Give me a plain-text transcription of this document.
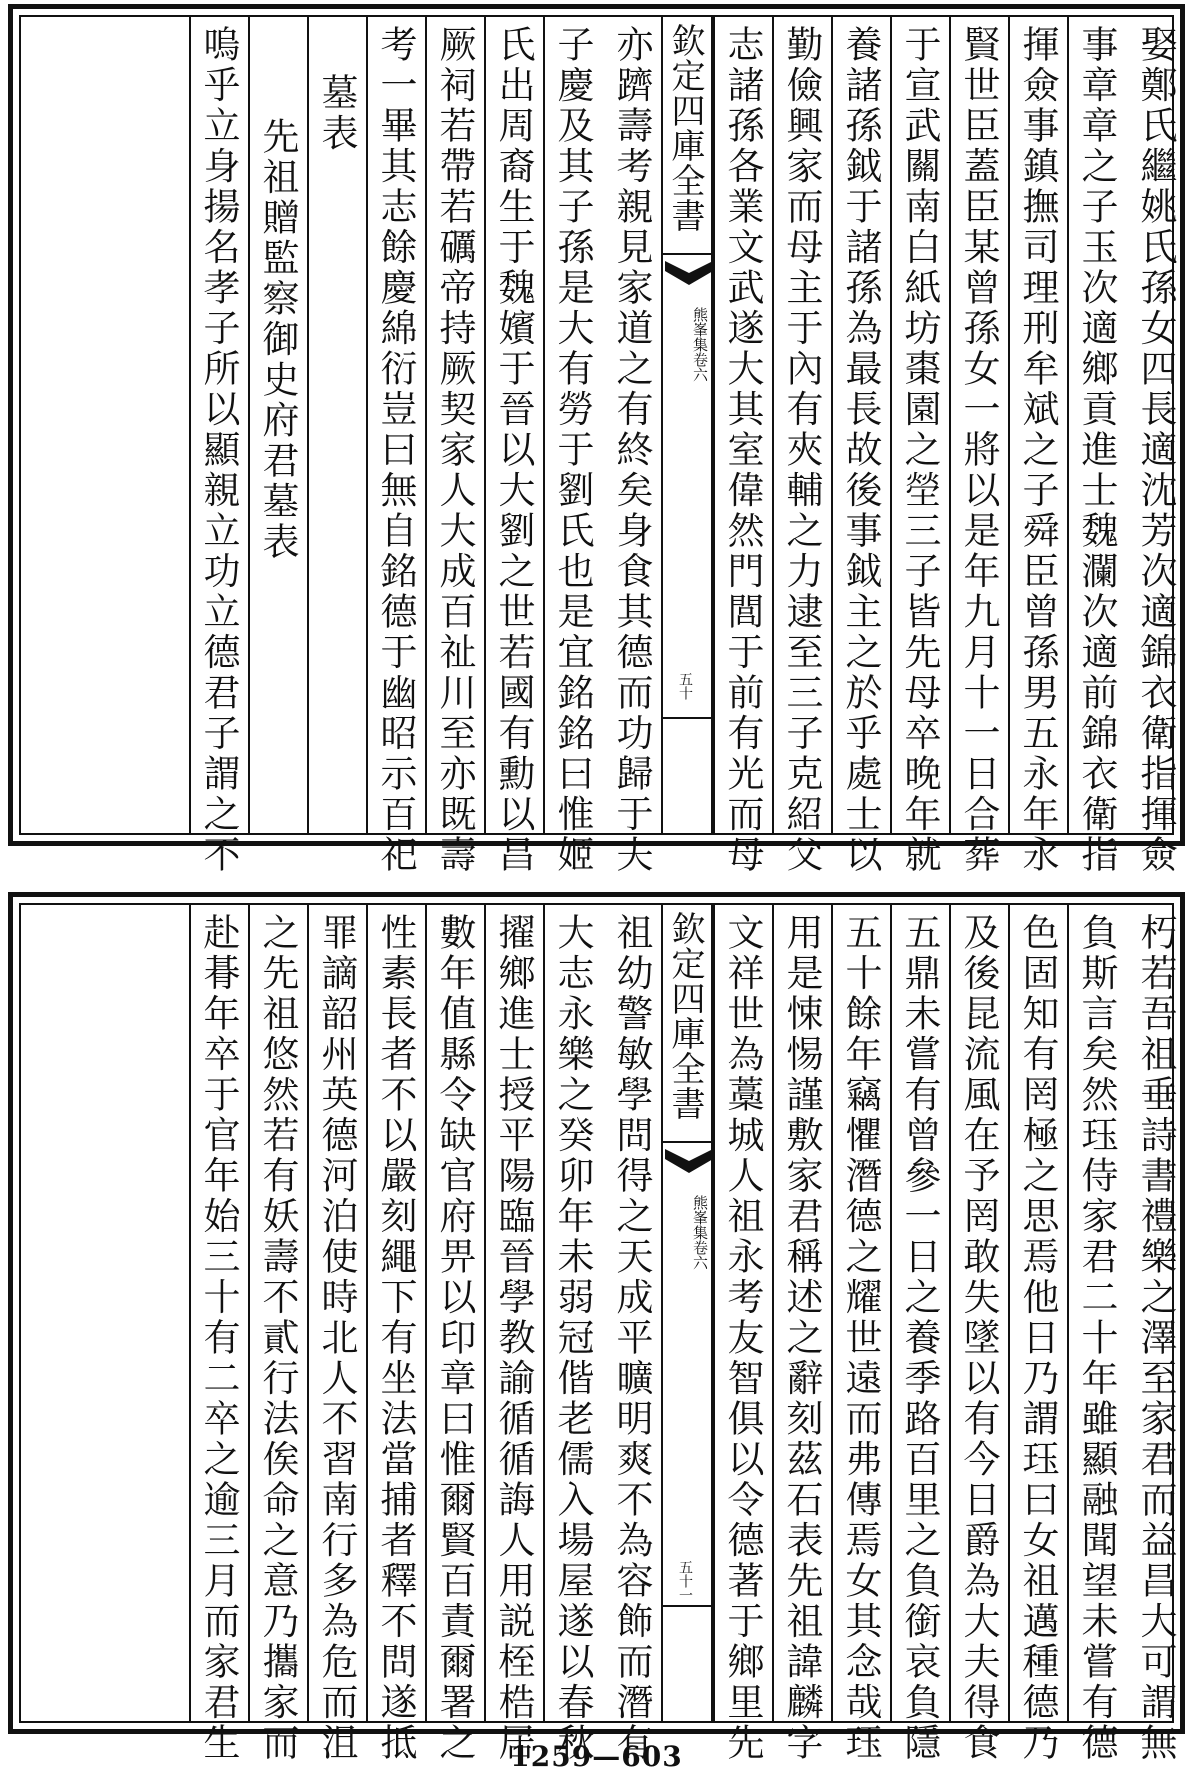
娶鄭氏繼姚氏孫女四長適沈芳次適錦衣衛指揮僉
事章章之子玉次適鄉貢進士魏瀾次適前錦衣衛指
揮僉事鎮撫司理刑牟斌之子舜臣曾孫男五永年永
賢世臣蓋臣某曾孫女一將以是年九月十一日合葬
于宣武關南白紙坊棗園之塋三子皆先母卒晚年就
養諸孫鉞于諸孫為最長故後事鉞主之於乎處士以
勤儉興家而母主于內有夾輔之力逮至三子克紹父
志諸孫各業文武遂大其室偉然門閭于前有光而母
欽定四庫全書
熊峯集卷六
五十
亦躋壽考親見家道之有終矣身食其德而功歸于夫
子慶及其子孫是大有勞于劉氏也是宜銘銘曰惟姬
氏出周裔生于魏嬪于晉以大劉之世若國有勳以昌
厥祠若帶若礪帝持厥契家人大成百祉川至亦既壽
考一畢其志餘慶綿衍豈曰無自銘德于幽昭示百祀
墓表
先祖贈監察御史府君墓表
嗚乎立身揚名孝子所以顯親立功立德君子謂之不
朽若吾祖垂詩書禮樂之澤至家君而益昌大可謂無
負斯言矣然珏侍家君二十年雖顯融聞望未嘗有德
色固知有罔極之思焉他日乃謂珏曰女祖邁種德乃
及後昆流風在予罔敢失墜以有今日爵為大夫得食
五鼎未嘗有曾參一日之養季路百里之負銜哀負隱
五十餘年竊懼潛德之耀世遠而弗傳焉女其念哉珏
用是悚惕謹敷家君稱述之辭刻茲石表先祖諱麟字
文祥世為藁城人祖永考友智俱以令德著于鄉里先
欽定四庫全書
熊峯集卷六
五十一
祖幼警敏學問得之天成平曠明爽不為容飾而潛有
大志永樂之癸卯年未弱冠偕老儒入場屋遂以春秋
擢鄉進士授平陽臨晉學教諭循循誨人用説桎梏居
數年值縣令缺官府畀以印章曰惟爾賢百責爾署之
性素長者不以嚴刻繩下有坐法當捕者釋不問遂抵
罪謫韶州英德河泊使時北人不習南行多為危而沮
之先祖悠然若有妖壽不貳行法俟命之意乃攜家而
赴朞年卒于官年始三十有二卒之逾三月而家君生	1259—603
